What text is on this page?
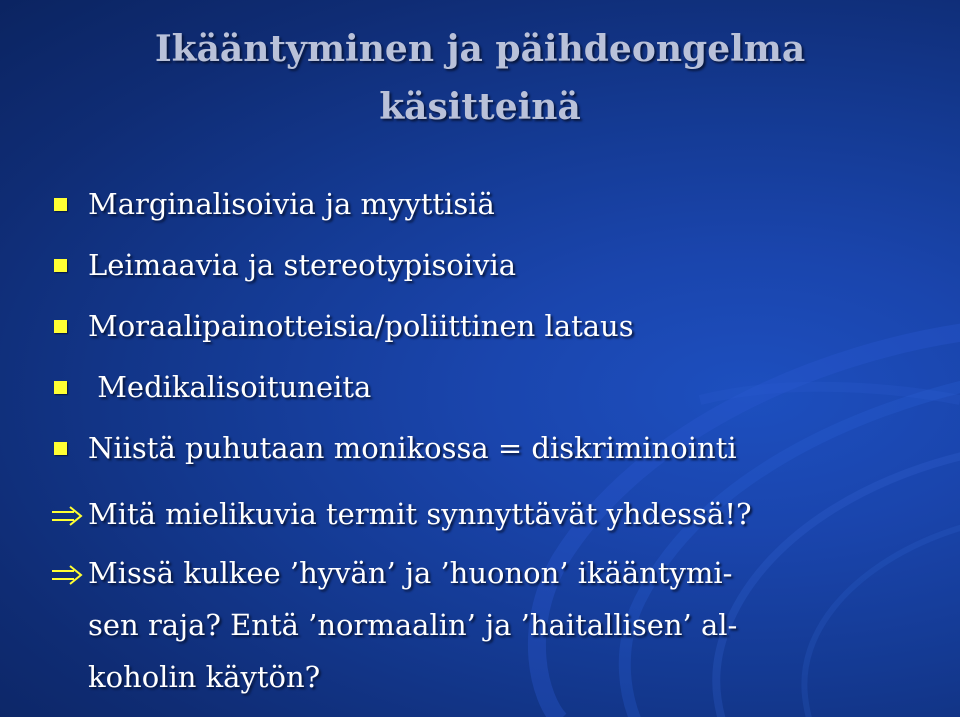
Ikääntyminen ja päihdeongelma
käsitteinä

Marginalisoivia ja myyttisiä

Leimaavia ja stereotypisoivia

Moraalipainotteisia/poliittinen lataus

Medikalisoituneita

Niistä puhutaan monikossa = diskriminointi

Mitä mielikuvia termit synnyttävät yhdessä!?

Missä kulkee ’hyvän’ ja ’huonon’ ikääntymi-

sen raja? Entä ’normaalin’ ja ’haitallisen’ al-

koholin käytön?
